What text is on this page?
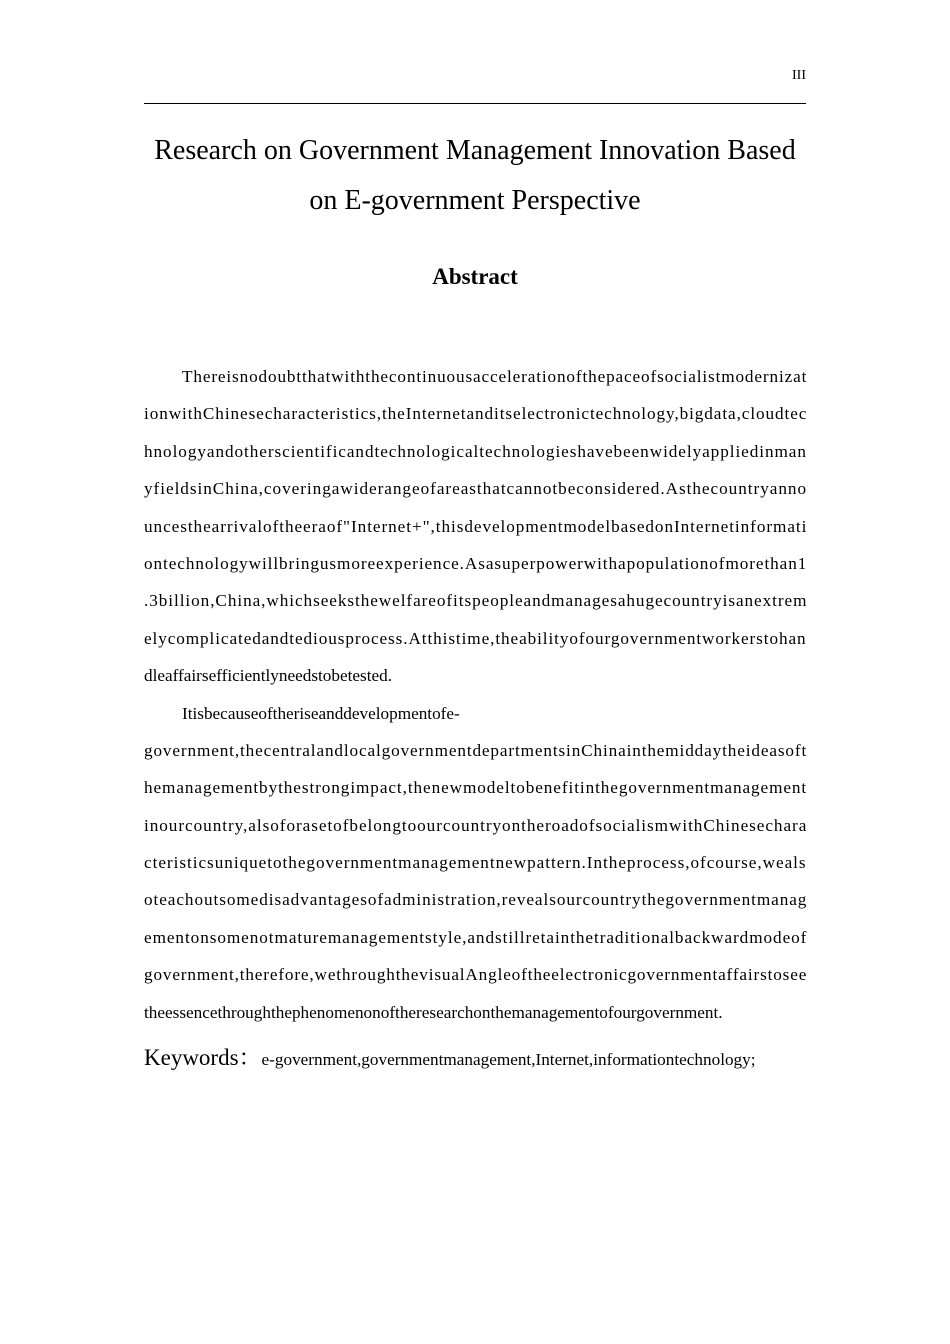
III
Research on Government Management Innovation Based
on E-government Perspective
Abstract
Thereisnodoubtthatwiththecontinuousaccelerationofthepaceofsocialistmodernizat
ionwithChinesecharacteristics,theInternetanditselectronictechnology,bigdata,cloudtec
hnologyandotherscientificandtechnologicaltechnologieshavebeenwidelyappliedinman
yfieldsinChina,coveringawiderangeofareasthatcannotbeconsidered.Asthecountryanno
uncesthearrivaloftheeraof"Internet+",thisdevelopmentmodelbasedonInternetinformati
ontechnologywillbringusmoreexperience.Asasuperpowerwithapopulationofmorethan1
.3billion,China,whichseeksthewelfareofitspeopleandmanagesahugecountryisanextrem
elycomplicatedandtediousprocess.Atthistime,theabilityofourgovernmentworkerstohan
dleaffairsefficientlyneedstobetested.
Itisbecauseoftheriseanddevelopmentofe-
government,thecentralandlocalgovernmentdepartmentsinChinainthemiddaytheideasoft
hemanagementbythestrongimpact,thenewmodeltobenefitinthegovernmentmanagement
inourcountry,alsoforasetofbelongtoourcountryontheroadofsocialismwithChinesechara
cteristicsuniquetothegovernmentmanagementnewpattern.Intheprocess,ofcourse,weals
oteachoutsomedisadvantagesofadministration,revealsourcountrythegovernmentmanag
ementonsomenotmaturemanagementstyle,andstillretainthetraditionalbackwardmodeof
government,therefore,wethroughthevisualAngleoftheelectronicgovernmentaffairstosee
theessencethroughthephenomenonoftheresearchonthemanagementofourgovernment.
Keywords：e-government,governmentmanagement,Internet,informationtechnology;
